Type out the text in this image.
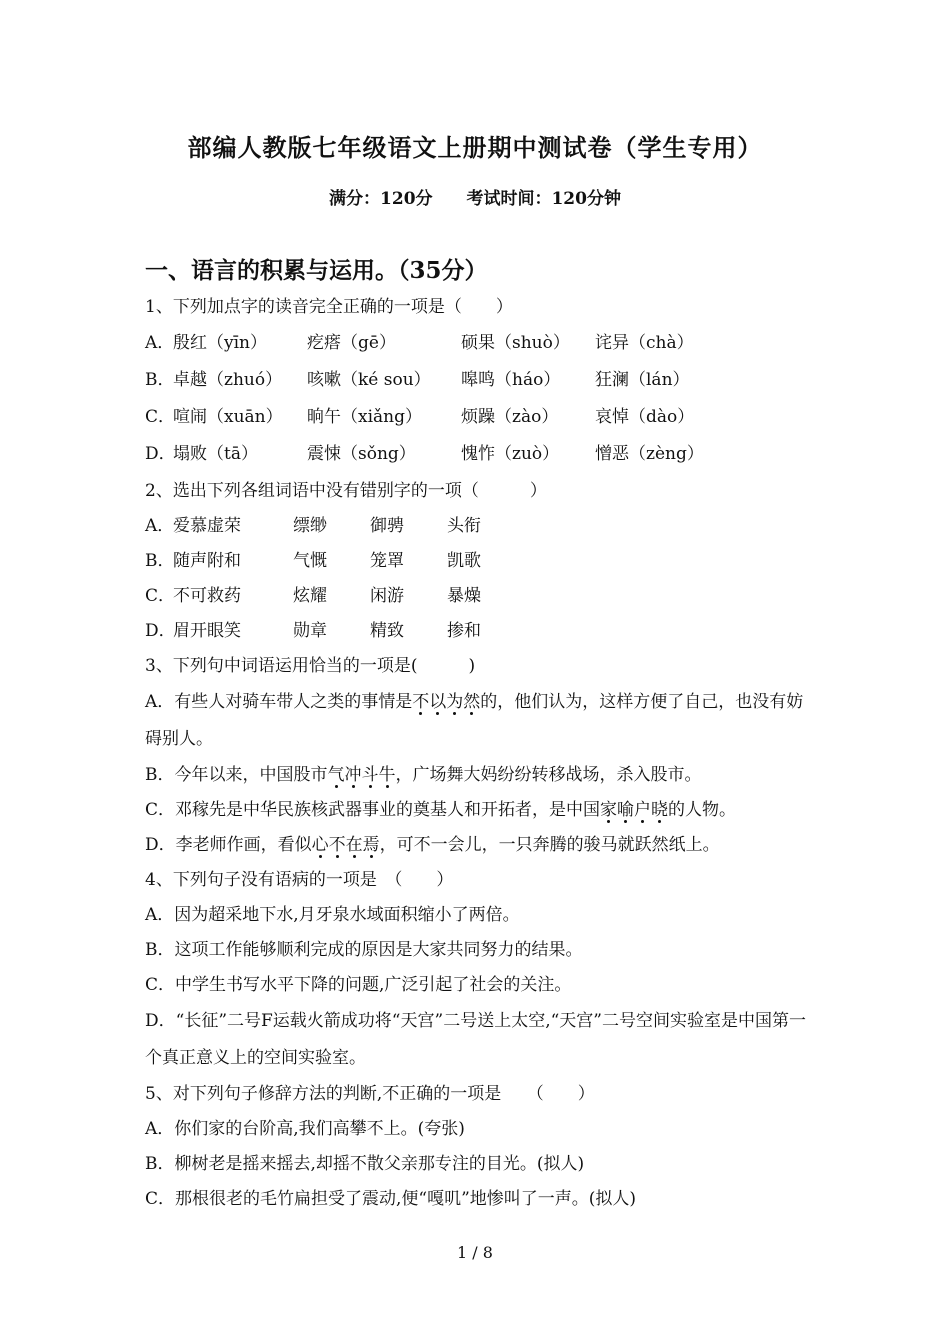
部编人教版七年级语文上册期中测试卷（学生专用）
满分：120分 考试时间：120分钟
一、语言的积累与运用。（35分）
1、下列加点字的读音完全正确的一项是（　　）
A．
殷红（yīn）	疙瘩（gē）	硕果（shuò）	诧异（chà）
B．
卓越（zhuó）	咳嗽（ké sou）	嗥鸣（háo）	狂澜（lán）
C．
喧闹（xuān）	晌午（xiǎng）	烦躁（zào）	哀悼（dào）
D．
塌败（tā）	震悚（sǒng）	愧怍（zuò）	憎恶（zèng）
2、选出下列各组词语中没有错别字的一项（　　　）
A．
爱慕虚荣	缥缈	御骋	头衔
B．
随声附和	气慨	笼罩	凯歌
C．
不可救药	炫耀	闲游	暴燥
D．
眉开眼笑	勋章	精致	掺和
3、下列句中词语运用恰当的一项是(　　　)
A．有些人对骑车带人之类的事情是不以为然的，他们认为，这样方便了自己，也没有妨碍别人。
B．今年以来，中国股市气冲斗牛，广场舞大妈纷纷转移战场，杀入股市。
C．邓稼先是中华民族核武器事业的奠基人和开拓者，是中国家喻户晓的人物。
D．李老师作画，看似心不在焉，可不一会儿，一只奔腾的骏马就跃然纸上。
4、下列句子没有语病的一项是　（　　）
A．因为超采地下水,月牙泉水域面积缩小了两倍。
B．这项工作能够顺利完成的原因是大家共同努力的结果。
C．中学生书写水平下降的问题,广泛引起了社会的关注。
D．“长征”二号F运载火箭成功将“天宫”二号送上太空,“天宫”二号空间实验室是中国第一个真正意义上的空间实验室。
5、对下列句子修辞方法的判断,不正确的一项是　　（　　）
A．你们家的台阶高,我们高攀不上。(夸张)
B．柳树老是摇来摇去,却摇不散父亲那专注的目光。(拟人)
C．那根很老的毛竹扁担受了震动,便“嘎叽”地惨叫了一声。(拟人)
1 / 8
